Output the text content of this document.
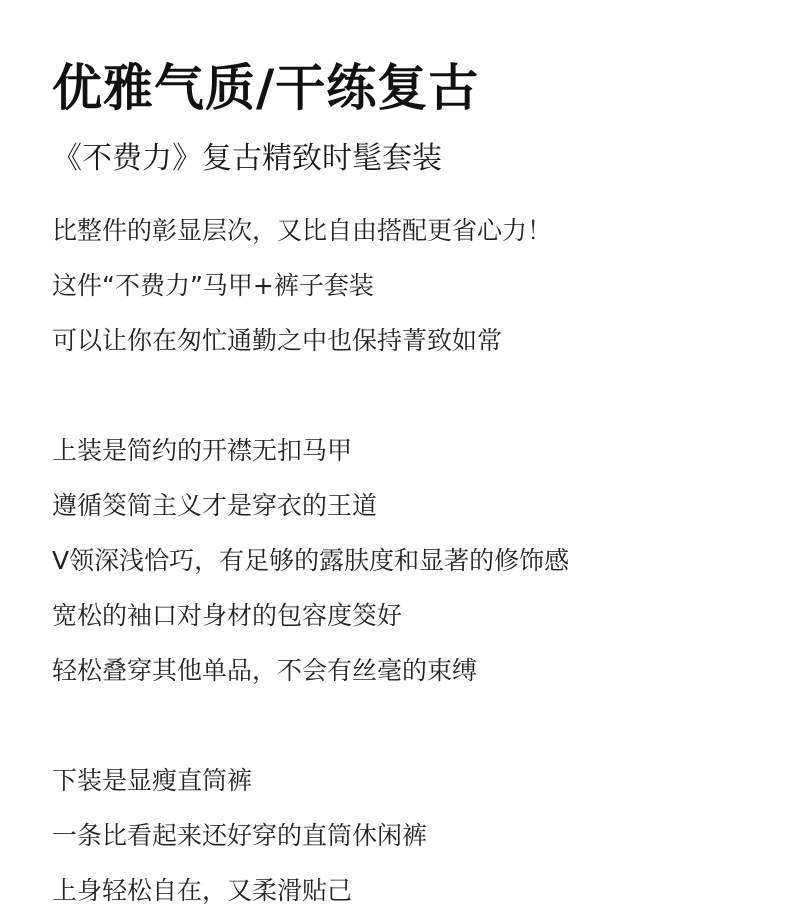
优雅气质/干练复古
《不费力》复古精致时髦套装
比整件的彰显层次，又比自由搭配更省心力！
这件“不费力”马甲+裤子套装
可以让你在匆忙通勤之中也保持菁致如常
上装是简约的开襟无扣马甲
遵循筊简主义才是穿衣的王道
V领深浅恰巧，有足够的露肤度和显著的修饰感
宽松的袖口对身材的包容度筊好
轻松叠穿其他单品，不会有丝毫的束缚
下装是显瘦直筒裤
一条比看起来还好穿的直筒休闲裤
上身轻松自在，又柔滑贴己
